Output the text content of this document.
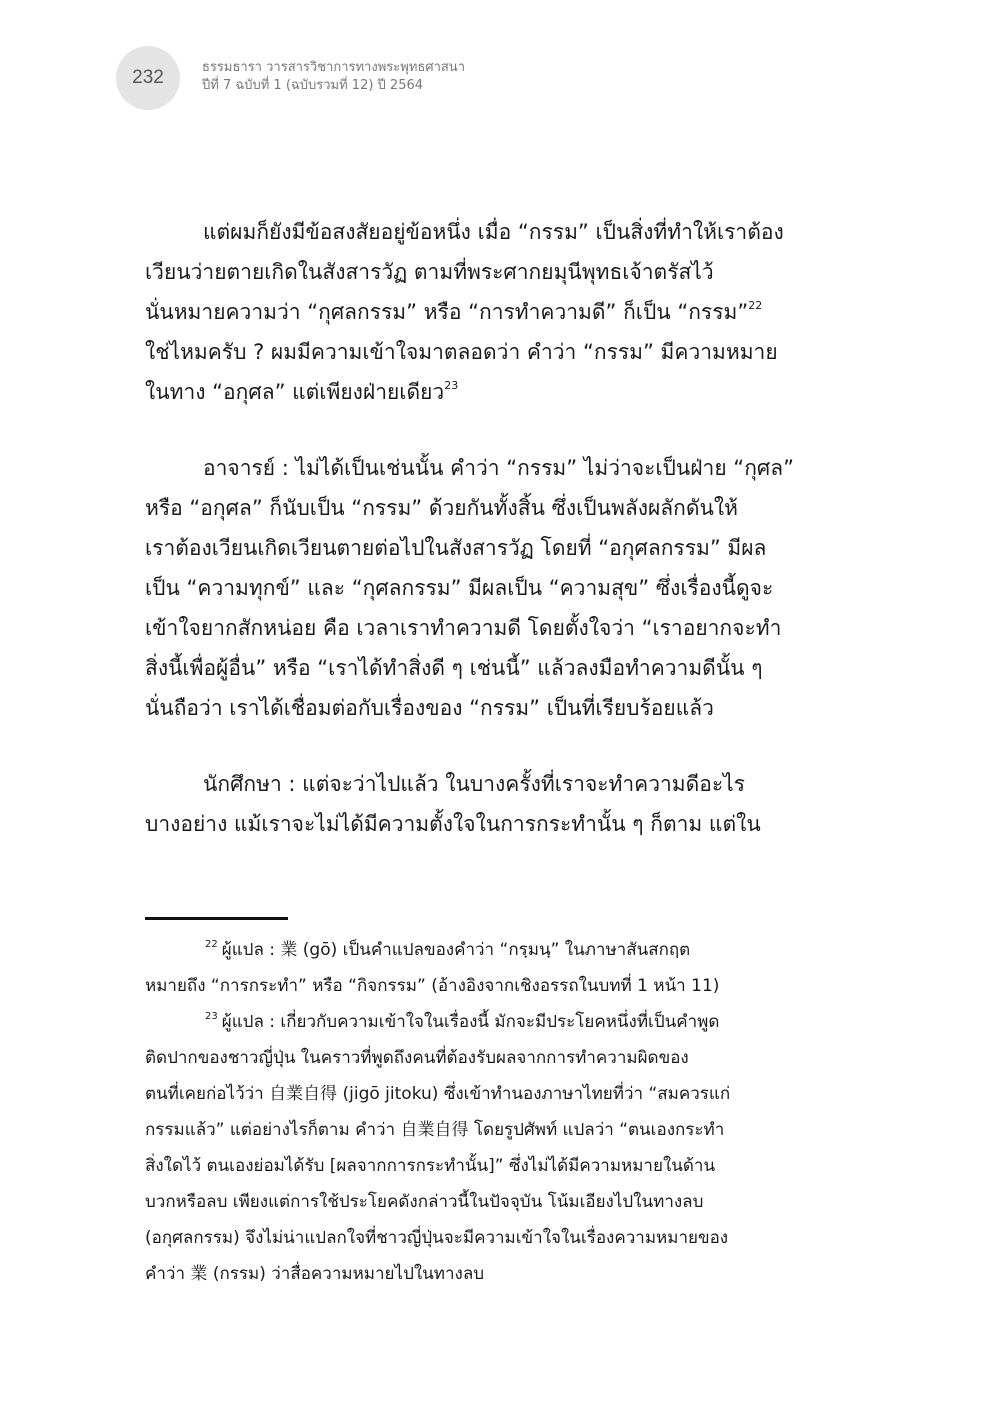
232	ธรรมธารา วารสารวิชาการทางพระพุทธศาสนา
ปีที่ 7 ฉบับที่ 1 (ฉบับรวมที่ 12) ปี 2564
แต่ผมก็ยังมีข้อสงสัยอยู่ข้อหนึ่ง เมื่อ “กรรม” เป็นสิ่งที่ทำให้เราต้อง
เวียนว่ายตายเกิดในสังสารวัฏ ตามที่พระศากยมุนีพุทธเจ้าตรัสไว้
นั่นหมายความว่า “กุศลกรรม” หรือ “การทำความดี” ก็เป็น “กรรม”$^{22}$
ใช่ไหมครับ ? ผมมีความเข้าใจมาตลอดว่า คำว่า “กรรม” มีความหมาย
ในทาง “อกุศล” แต่เพียงฝ่ายเดียว$^{23}$
อาจารย์ : ไม่ได้เป็นเช่นนั้น คำว่า “กรรม” ไม่ว่าจะเป็นฝ่าย “กุศล”
หรือ “อกุศล” ก็นับเป็น “กรรม” ด้วยกันทั้งสิ้น ซึ่งเป็นพลังผลักดันให้
เราต้องเวียนเกิดเวียนตายต่อไปในสังสารวัฏ โดยที่ “อกุศลกรรม” มีผล
เป็น “ความทุกข์” และ “กุศลกรรม” มีผลเป็น “ความสุข” ซึ่งเรื่องนี้ดูจะ
เข้าใจยากสักหน่อย คือ เวลาเราทำความดี โดยตั้งใจว่า “เราอยากจะทำ
สิ่งนี้เพื่อผู้อื่น” หรือ “เราได้ทำสิ่งดี ๆ เช่นนี้” แล้วลงมือทำความดีนั้น ๆ
นั่นถือว่า เราได้เชื่อมต่อกับเรื่องของ “กรรม” เป็นที่เรียบร้อยแล้ว
นักศึกษา : แต่จะว่าไปแล้ว ในบางครั้งที่เราจะทำความดีอะไร
บางอย่าง แม้เราจะไม่ได้มีความตั้งใจในการกระทำนั้น ๆ ก็ตาม แต่ใน
$^{22}$ ผู้แปล : 業 (gō) เป็นคำแปลของคำว่า “กรฺมนฺ” ในภาษาสันสกฤต
หมายถึง “การกระทำ” หรือ “กิจกรรม” (อ้างอิงจากเชิงอรรถในบทที่ 1 หน้า 11)
$^{23}$ ผู้แปล : เกี่ยวกับความเข้าใจในเรื่องนี้ มักจะมีประโยคหนึ่งที่เป็นคำพูด
ติดปากของชาวญี่ปุ่น ในคราวที่พูดถึงคนที่ต้องรับผลจากการทำความผิดของ
ตนที่เคยก่อไว้ว่า 自業自得 (jigō jitoku) ซึ่งเข้าทำนองภาษาไทยที่ว่า “สมควรแก่
กรรมแล้ว” แต่อย่างไรก็ตาม คำว่า 自業自得 โดยรูปศัพท์ แปลว่า “ตนเองกระทำ
สิ่งใดไว้ ตนเองย่อมได้รับ [ผลจากการกระทำนั้น]” ซึ่งไม่ได้มีความหมายในด้าน
บวกหรือลบ เพียงแต่การใช้ประโยคดังกล่าวนี้ในปัจจุบัน โน้มเอียงไปในทางลบ
(อกุศลกรรม) จึงไม่น่าแปลกใจที่ชาวญี่ปุ่นจะมีความเข้าใจในเรื่องความหมายของ
คำว่า 業 (กรรม) ว่าสื่อความหมายไปในทางลบ
